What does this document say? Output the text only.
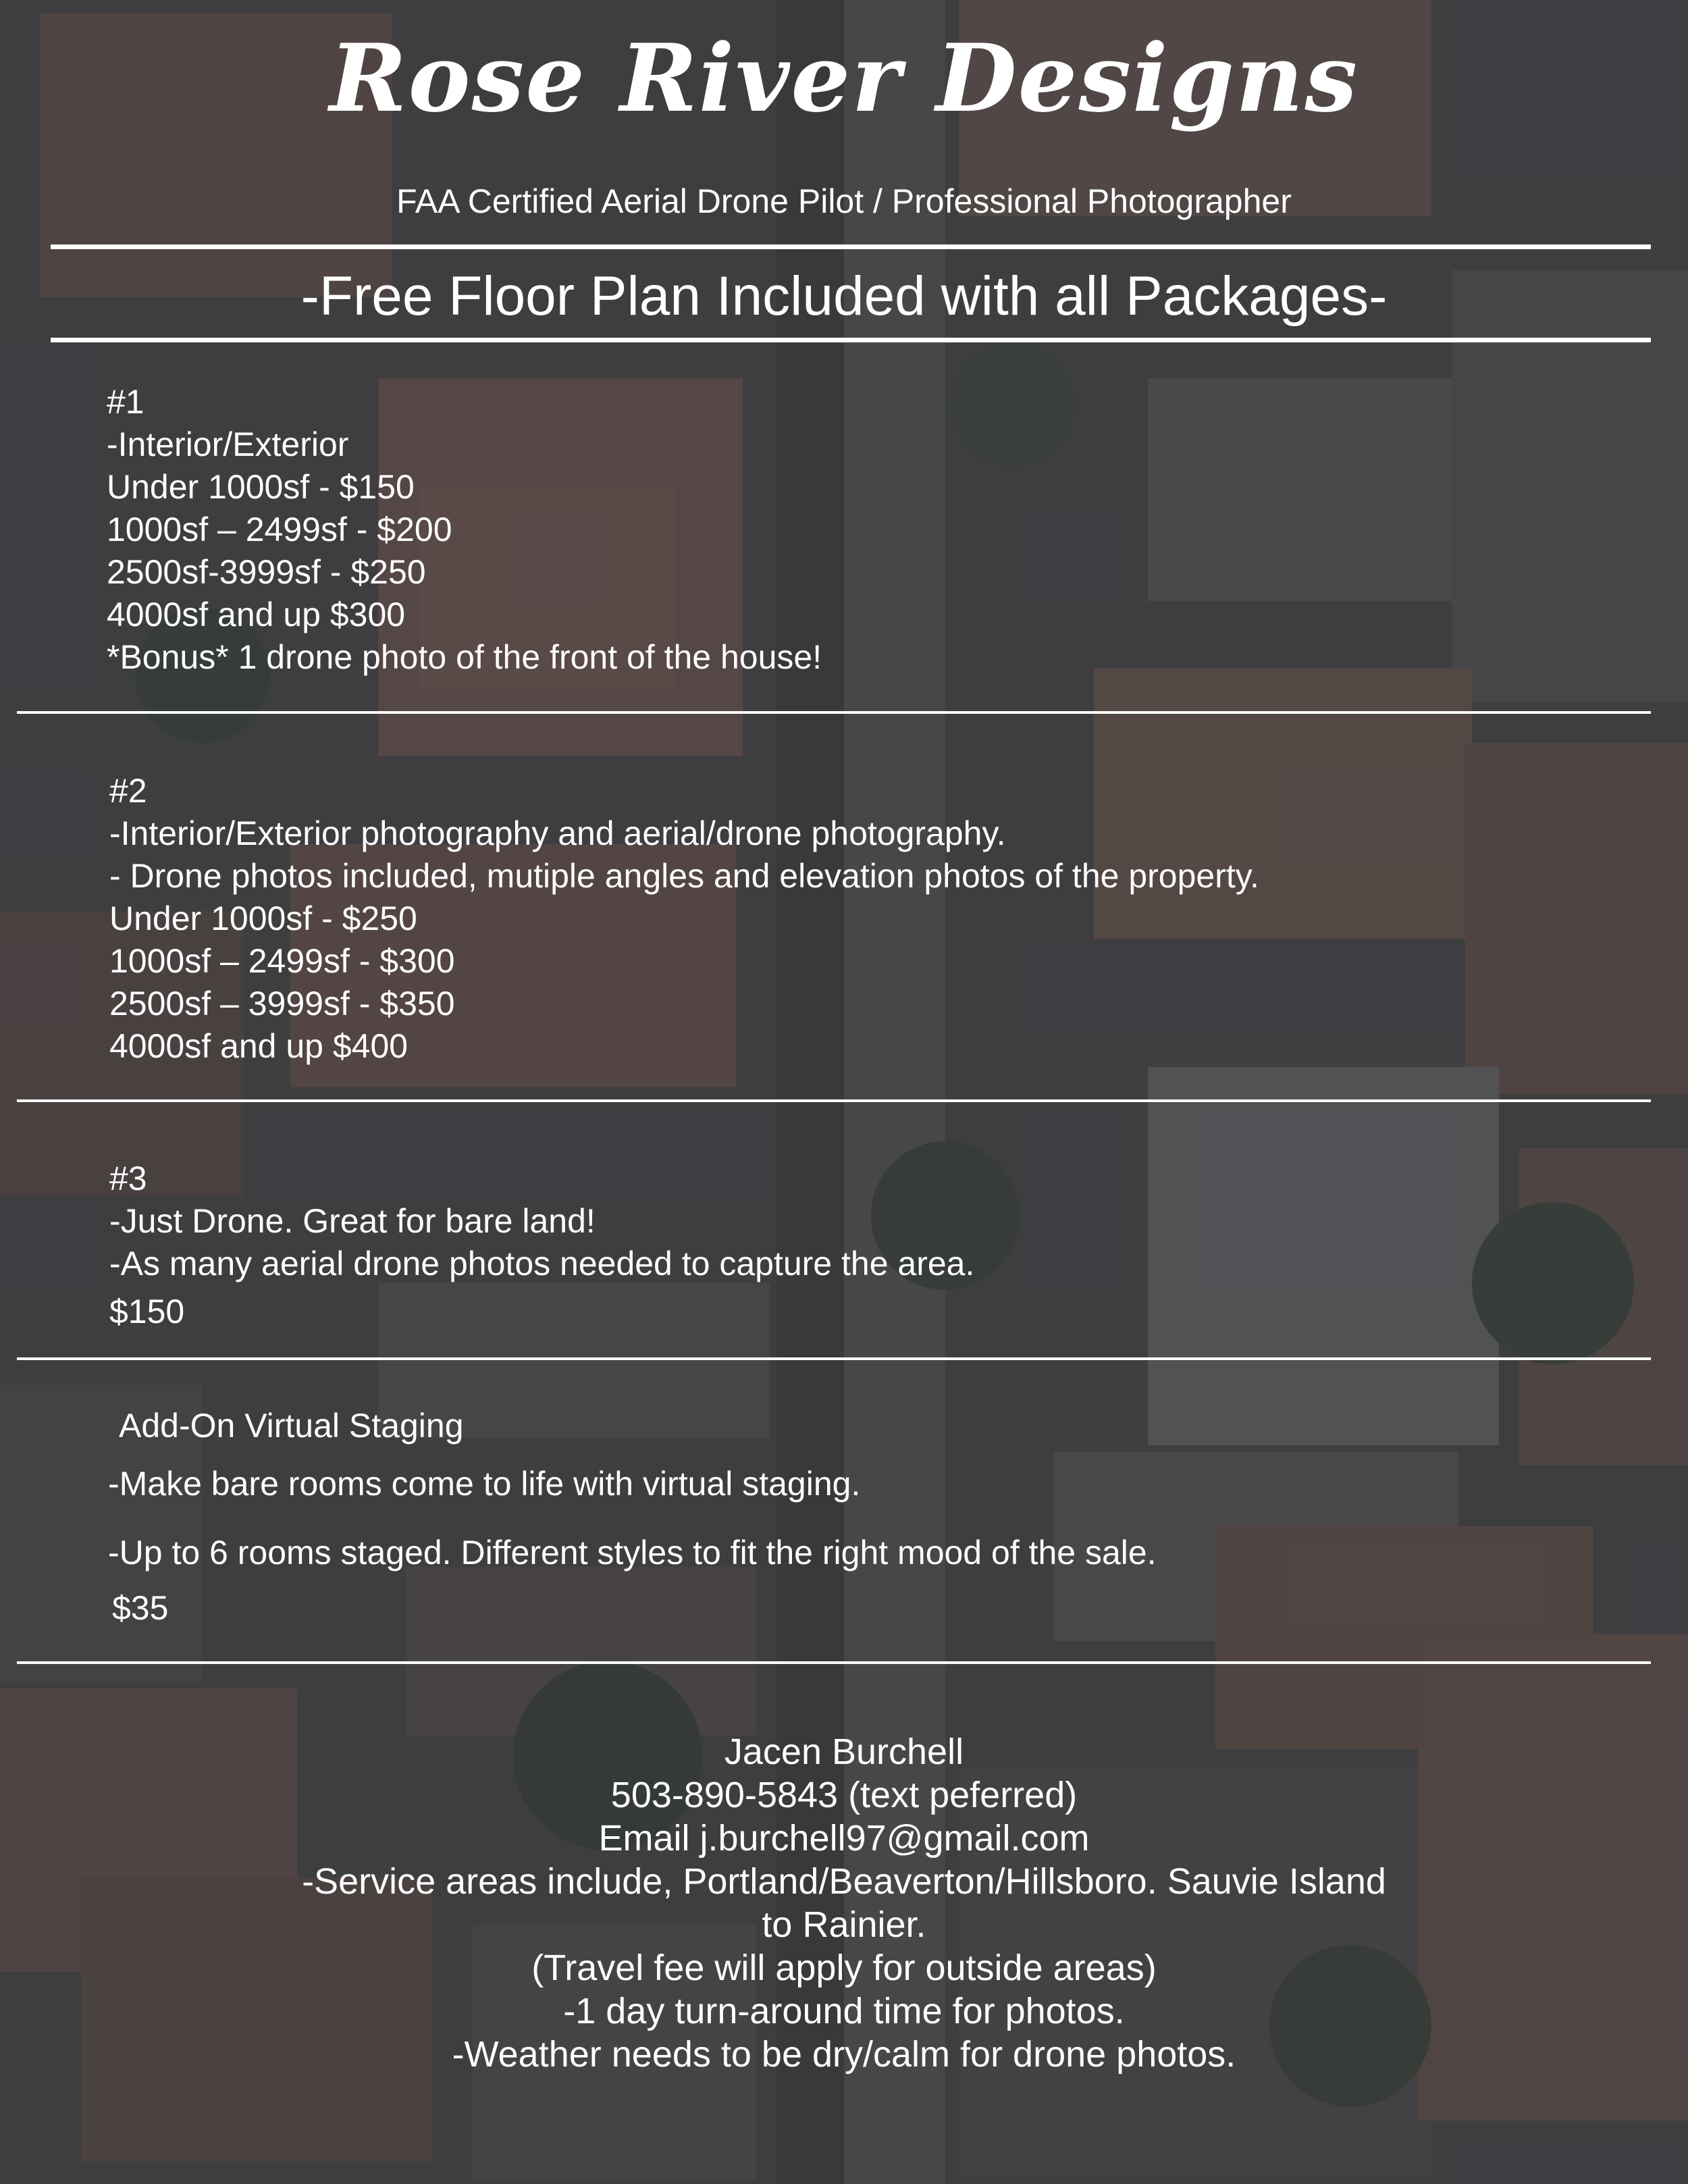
Rose River Designs
FAA Certified Aerial Drone Pilot / Professional Photographer
-Free Floor Plan Included with all Packages-
#1
-Interior/Exterior
Under 1000sf - $150
1000sf – 2499sf - $200
2500sf-3999sf - $250
4000sf and up $300
*Bonus* 1 drone photo of the front of the house!
#2
-Interior/Exterior photography and aerial/drone photography.
- Drone photos included, mutiple angles and elevation photos of the property.
Under 1000sf - $250
1000sf – 2499sf - $300
2500sf – 3999sf - $350
4000sf and up $400
#3
-Just Drone. Great for bare land!
-As many aerial drone photos needed to capture the area.
$150
Add-On Virtual Staging
-Make bare rooms come to life with virtual staging.
-Up to 6 rooms staged. Different styles to fit the right mood of the sale.
$35
Jacen Burchell
503-890-5843 (text peferred)
Email j.burchell97@gmail.com
-Service areas include, Portland/Beaverton/Hillsboro. Sauvie Island
to Rainier.
(Travel fee will apply for outside areas)
-1 day turn-around time for photos.
-Weather needs to be dry/calm for drone photos.
